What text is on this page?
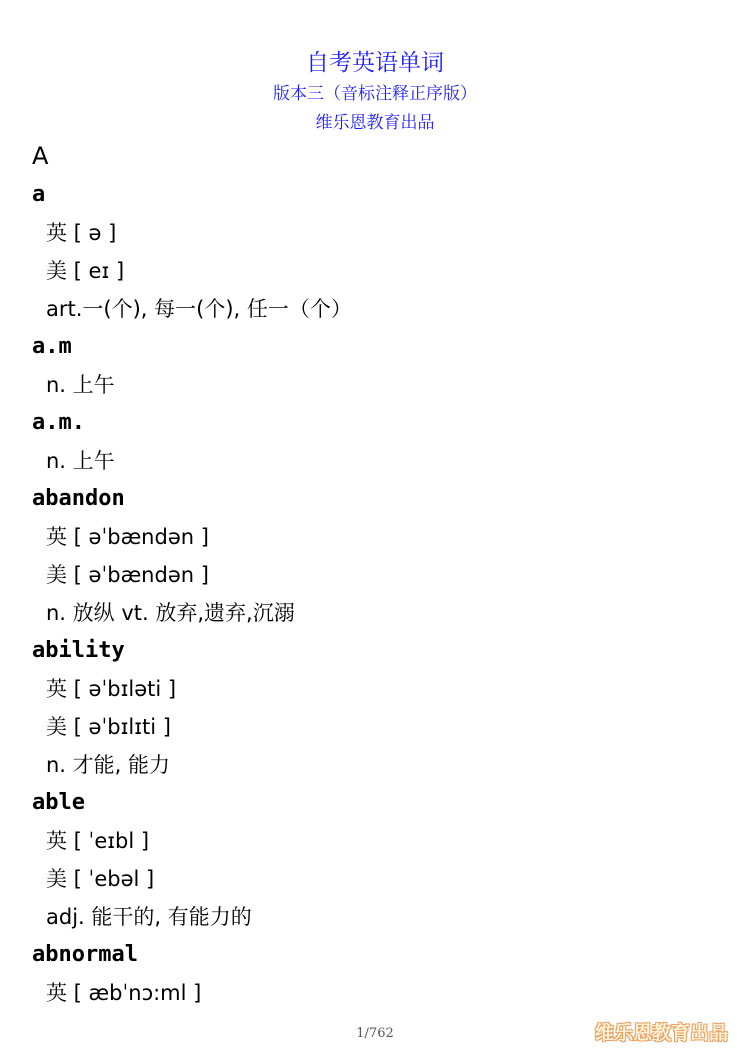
自考英语单词
版本三（音标注释正序版）
维乐恩教育出品
A
a
英 [ ə ]
美 [ eɪ ]
art.一(个), 每一(个), 任一（个）
a.m
n. 上午
a.m.
n. 上午
abandon
英 [ əˈbændən ]
美 [ əˈbændən ]
n. 放纵 vt. 放弃,遗弃,沉溺
ability
英 [ əˈbɪləti ]
美 [ əˈbɪlɪti ]
n. 才能, 能力
able
英 [ ˈeɪbl ]
美 [ ˈebəl ]
adj. 能干的, 有能力的
abnormal
英 [ æbˈnɔ:ml ]
1/762	维乐恩教育出品
